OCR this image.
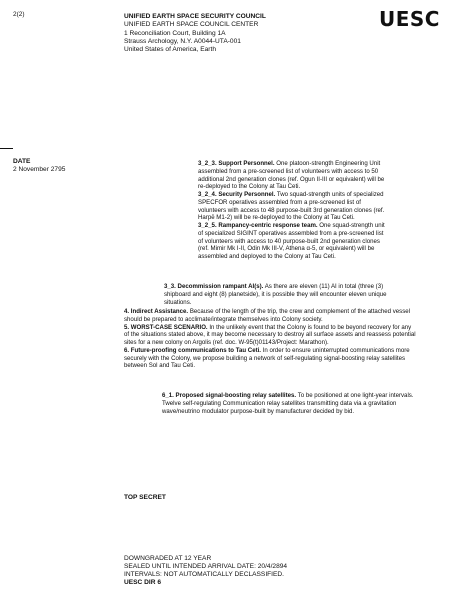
2(2)	UNIFIED EARTH SPACE SECURITY COUNCIL
UNIFIED EARTH SPACE COUNCIL CENTER
1 Reconciliation Court, Building 1A
Strauss Archology, N.Y. A0044-UTA-001
United States of America, Earth
UESC
DATE
2 November 2795

3_2_3. Support Personnel. One platoon-strength Engineering Unit assembled from a pre-screened list of volunteers with access to 50 additional 2nd generation clones (ref. Ogun II-III or equivalent) will be re-deployed to the Colony at Tau Ceti.

3_2_4. Security Personnel. Two squad-strength units of specialized SPECFOR operatives assembled from a pre-screened list of volunteers with access to 48 purpose-built 3rd generation clones (ref. Harpē M1-2) will be re-deployed to the Colony at Tau Ceti.

3_2_5. Rampancy-centric response team. One squad-strength unit of specialized SIGINT operatives assembled from a pre-screened list of volunteers with access to 40 purpose-built 2nd generation clones (ref. Mimir Mk I-II, Odin Mk III-V, Athena α-5, or equivalent) will be assembled and deployed to the Colony at Tau Ceti.

3_3. Decommission rampant AI(s). As there are eleven (11) AI in total (three (3) shipboard and eight (8) planetside), it is possible they will encounter eleven unique situations.

4. Indirect Assistance. Because of the length of the trip, the crew and complement of the attached vessel should be prepared to acclimate/integrate themselves into Colony society.

5. WORST-CASE SCENARIO. In the unlikely event that the Colony is found to be beyond recovery for any of the situations stated above, it may become necessary to destroy all surface assets and reassess potential sites for a new colony on Argolis (ref. doc. W-95(t)01143/Project: Marathon).

6. Future-proofing communications to Tau Ceti. In order to ensure uninterrupted communications more securely with the Colony, we propose building a network of self-regulating signal-boosting relay satellites between Sol and Tau Ceti.

6_1. Proposed signal-boosting relay satellites. To be positioned at one light-year intervals. Twelve self-regulating Communication relay satellites transmitting data via a gravitation wave/neutrino modulator purpose-built by manufacturer decided by bid.

TOP SECRET
DOWNGRADED AT 12 YEAR
SEALED UNTIL INTENDED ARRIVAL DATE: 20/4/2894
INTERVALS: NOT AUTOMATICALLY DECLASSIFIED.
UESC DIR 6
